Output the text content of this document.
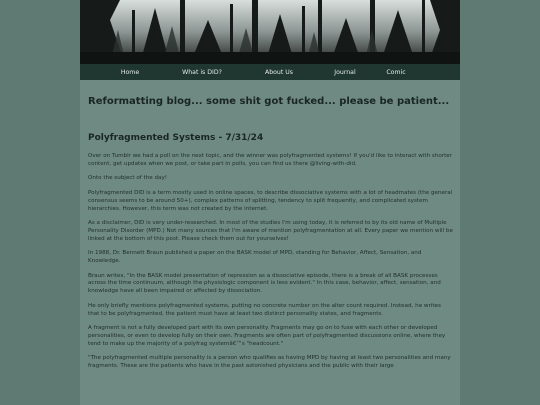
Home	What is DID?	About Us	Journal	Comic
Reformatting blog... some shit got fucked... please be patient...
Polyfragmented Systems - 7/31/24

Over on Tumblr we had a poll on the next topic, and the winner was polyfragmented systems! If you'd like to interact with shorter content, get updates when we post, or take part in polls, you can find us there @living-with-did.

Onto the subject of the day!

Polyfragmented DID is a term mostly used in online spaces, to describe dissociative systems with a lot of headmates (the general consensus seems to be around 50+), complex patterns of splitting, tendency to split frequently, and complicated system hierarchies. However, this term was not created by the internet.

As a disclaimer, DID is very under-researched. In most of the studies I'm using today, it is referred to by its old name of Multiple Personality Disorder (MPD.) Not many sources that I'm aware of mention polyfragmentation at all. Every paper we mention will be linked at the bottom of this post. Please check them out for yourselves!

In 1988, Dr. Bennett Braun published a paper on the BASK model of MPD, standing for Behavior, Affect, Sensation, and Knowledge.

Braun writes, "In the BASK model presentation of repression as a dissociative episode, there is a break of all BASK processes across the time continuum, although the physiologic component is less evident." In this case, behavior, affect, sensation, and knowledge have all been impaired or affected by dissociation.

He only briefly mentions polyfragmented systems, putting no concrete number on the alter count required. Instead, he writes that to be polyfragmented, the patient must have at least two distinct personality states, and fragments.

A fragment is not a fully developed part with its own personality. Fragments may go on to fuse with each other or developed personalities, or even to develop fully on their own. Fragments are often part of polyfragmented discussions online, where they tend to make up the majority of a polyfrag systemâ€™s "headcount."

"The polyfragmented multiple personality is a person who qualifies as having MPD by having at least two personalities and many fragments. These are the patients who have in the past astonished physicians and the public with their large
